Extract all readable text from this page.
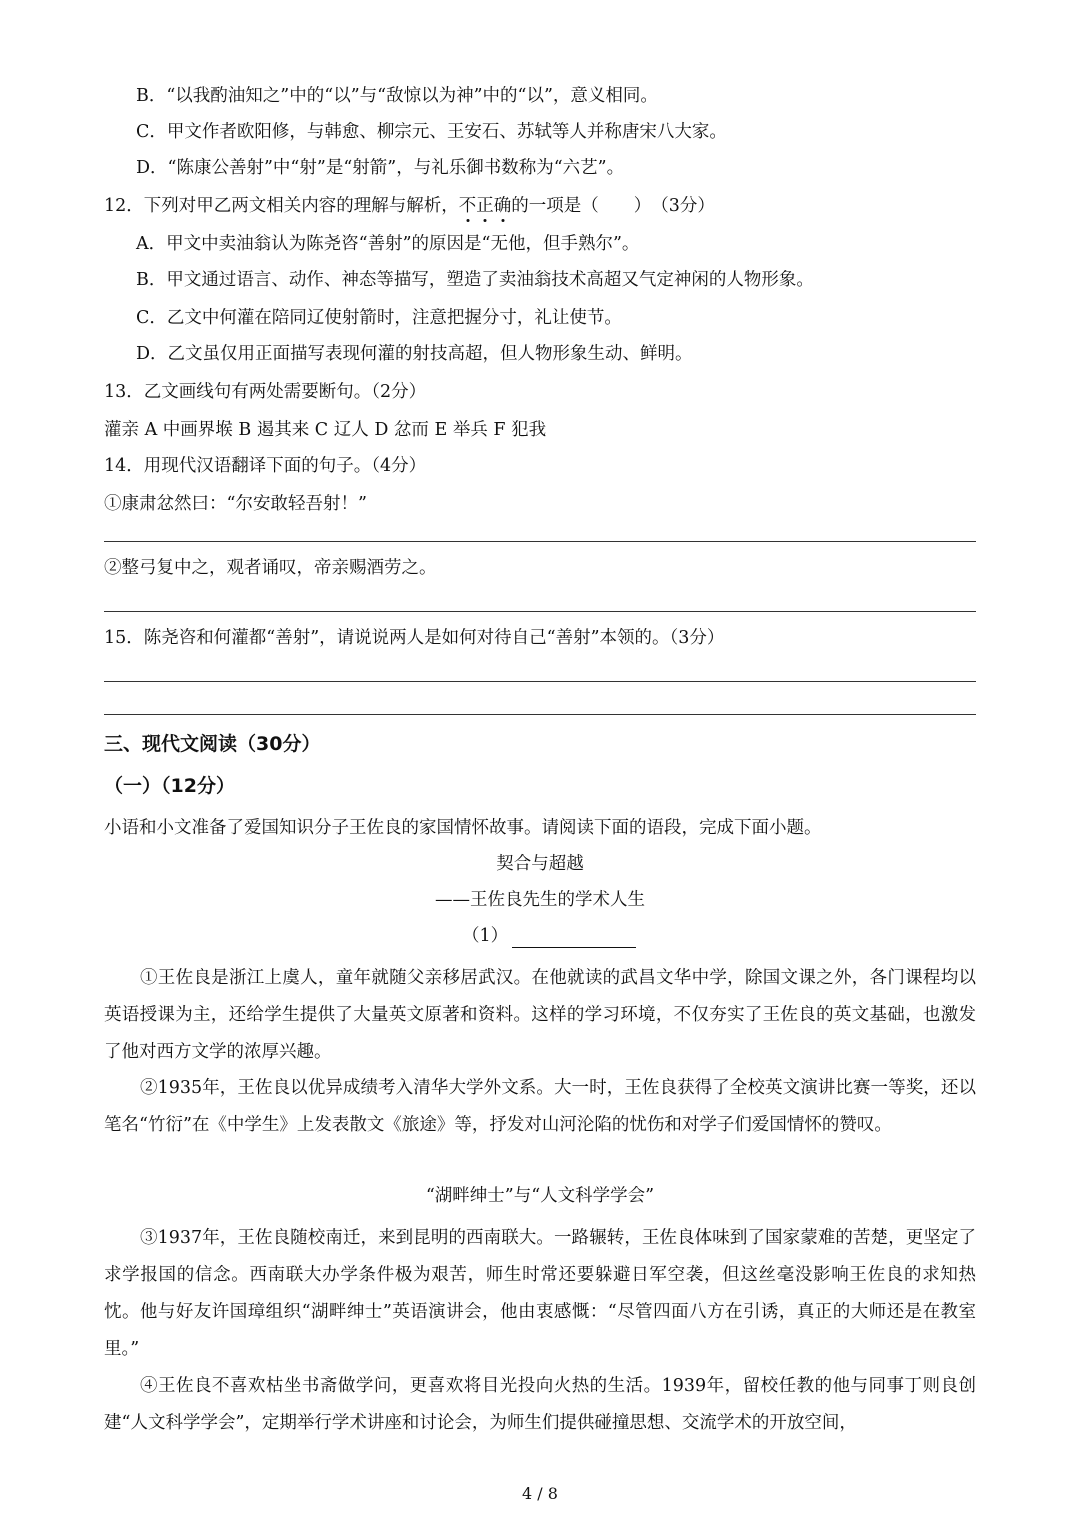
B．“以我酌油知之”中的“以”与“敌惊以为神”中的“以”，意义相同。
C．甲文作者欧阳修，与韩愈、柳宗元、王安石、苏轼等人并称唐宋八大家。
D．“陈康公善射”中“射”是“射箭”，与礼乐御书数称为“六艺”。
12．下列对甲乙两文相关内容的理解与解析，不正确的一项是（　　）　（3分）
A．甲文中卖油翁认为陈尧咨“善射”的原因是“无他，但手熟尔”。
B．甲文通过语言、动作、神态等描写，塑造了卖油翁技术高超又气定神闲的人物形象。
C．乙文中何灌在陪同辽使射箭时，注意把握分寸，礼让使节。
D．乙文虽仅用正面描写表现何灌的射技高超，但人物形象生动、鲜明。
13．乙文画线句有两处需要断句。（2分）
灌亲 A 中画界堠 B 遏其来 C 辽人 D 忿而 E 举兵 F 犯我
14．用现代汉语翻译下面的句子。（4分）
①康肃忿然曰：“尔安敢轻吾射！”
②整弓复中之，观者诵叹，帝亲赐酒劳之。
15．陈尧咨和何灌都“善射”，请说说两人是如何对待自己“善射”本领的。（3分）
三、现代文阅读（30分）
（一）（12分）
小语和小文准备了爱国知识分子王佐良的家国情怀故事。请阅读下面的语段，完成下面小题。
契合与超越
——王佐良先生的学术人生
（1）
①王佐良是浙江上虞人，童年就随父亲移居武汉。在他就读的武昌文华中学，除国文课之外，各门课程均以英语授课为主，还给学生提供了大量英文原著和资料。这样的学习环境，不仅夯实了王佐良的英文基础，也激发了他对西方文学的浓厚兴趣。
②1935年，王佐良以优异成绩考入清华大学外文系。大一时，王佐良获得了全校英文演讲比赛一等奖，还以笔名“竹衍”在《中学生》上发表散文《旅途》等，抒发对山河沦陷的忧伤和对学子们爱国情怀的赞叹。
“湖畔绅士”与“人文科学学会”
③1937年，王佐良随校南迁，来到昆明的西南联大。一路辗转，王佐良体味到了国家蒙难的苦楚，更坚定了求学报国的信念。西南联大办学条件极为艰苦，师生时常还要躲避日军空袭，但这丝毫没影响王佐良的求知热忱。他与好友许国璋组织“湖畔绅士”英语演讲会，他由衷感慨：“尽管四面八方在引诱，真正的大师还是在教室里。”
④王佐良不喜欢枯坐书斋做学问，更喜欢将目光投向火热的生活。1939年，留校任教的他与同事丁则良创建“人文科学学会”，定期举行学术讲座和讨论会，为师生们提供碰撞思想、交流学术的开放空间，
4 / 8
